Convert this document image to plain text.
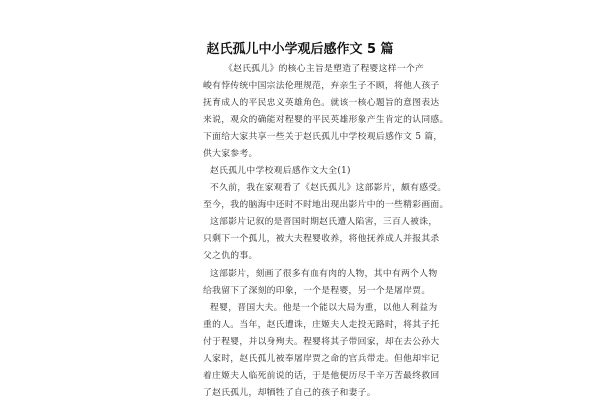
赵氏孤儿中小学观后感作文 5 篇
《赵氏孤儿》的核心主旨是塑造了程婴这样一个产
峻有悖传统中国宗法伦理规范，弃亲生子不顾，将他人孩子
抚育成人的平民忠义英雄角色。就该一核心题旨的意图表达
来说，观众的确能对程婴的平民英雄形象产生肯定的认同感。
下面给大家共享一些关于赵氏孤儿中学校观后感作文 5 篇，
供大家参考。
赵氏孤儿中学校观后感作文大全(1)
不久前，我在家观看了《赵氏孤儿》这部影片，颇有感受。
至今，我的脑海中还时不时地出现出影片中的一些精彩画面。
这部影片记叙的是晋国时期赵氏遭人陷害，三百人被诛，
只剩下一个孤儿，被大夫程婴收养，将他抚养成人并报其杀
父之仇的事。
这部影片，刻画了很多有血有肉的人物，其中有两个人物
给我留下了深刻的印象，一个是程婴，另一个是屠岸贾。
程婴，晋国大夫。他是一个能以大局为重，以他人利益为
重的人。当年，赵氏遭诛，庄姬夫人走投无路时，将其子托
付于程婴，并以身殉夫。程婴将其子带回家，却在去公孙大
人家时，赵氏孤儿被奉屠岸贾之命的官兵带走。但他却牢记
着庄姬夫人临死前说的话，于是他便历尽千辛万苦最终救回
了赵氏孤儿，却牺牲了自己的孩子和妻子。
